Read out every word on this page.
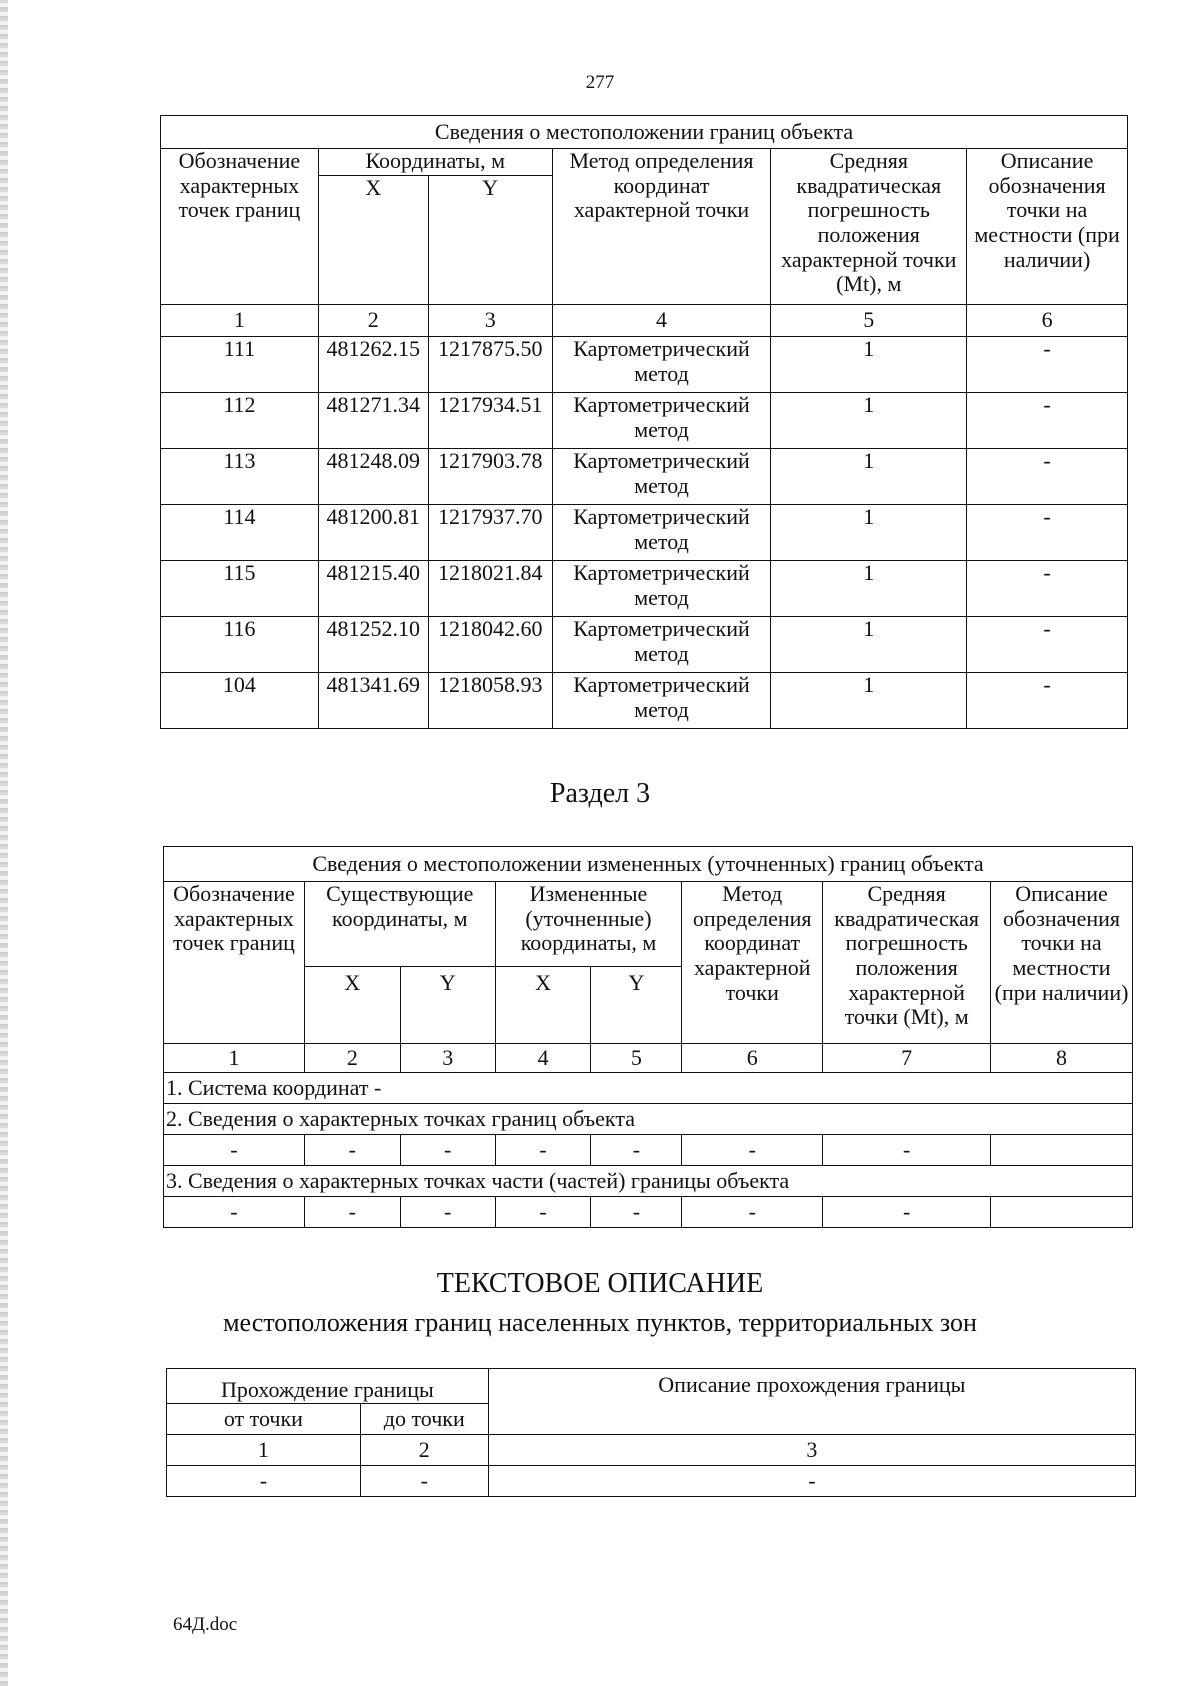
277
Сведения о местоположении границ объекта					
Обозначение характерных точек границ	Координаты, м		Метод определения координат характерной точки	Средняя квадратическая погрешность положения характерной точки (Mt), м	Описание обозначения точки на местности (при наличии)
	X	Y			
1	2	3	4	5	6
111	481262.15	1217875.50	Картометрический метод	1	-
112	481271.34	1217934.51	Картометрический метод	1	-
113	481248.09	1217903.78	Картометрический метод	1	-
114	481200.81	1217937.70	Картометрический метод	1	-
115	481215.40	1218021.84	Картометрический метод	1	-
116	481252.10	1218042.60	Картометрический метод	1	-
104	481341.69	1218058.93	Картометрический метод	1	-
Раздел 3
Сведения о местоположении измененных (уточненных) границ объекта							
Обозначение характерных точек границ	Существующие координаты, м		Измененные (уточненные) координаты, м		Метод определения координат характерной точки	Средняя квадратическая погрешность положения характерной точки (Mt), м	Описание обозначения точки на местности (при наличии)
	X	Y	X	Y			
1	2	3	4	5	6	7	8
1. Система координат -							
2. Сведения о характерных точках границ объекта							
-	-	-	-	-	-	-	
3. Сведения о характерных точках части (частей) границы объекта							
-	-	-	-	-	-	-	
ТЕКСТОВОЕ ОПИСАНИЕ
местоположения границ населенных пунктов, территориальных зон
Прохождение границы		Описание прохождения границы
от точки	до точки	
1	2	3
-	-	-
64Д.doc
